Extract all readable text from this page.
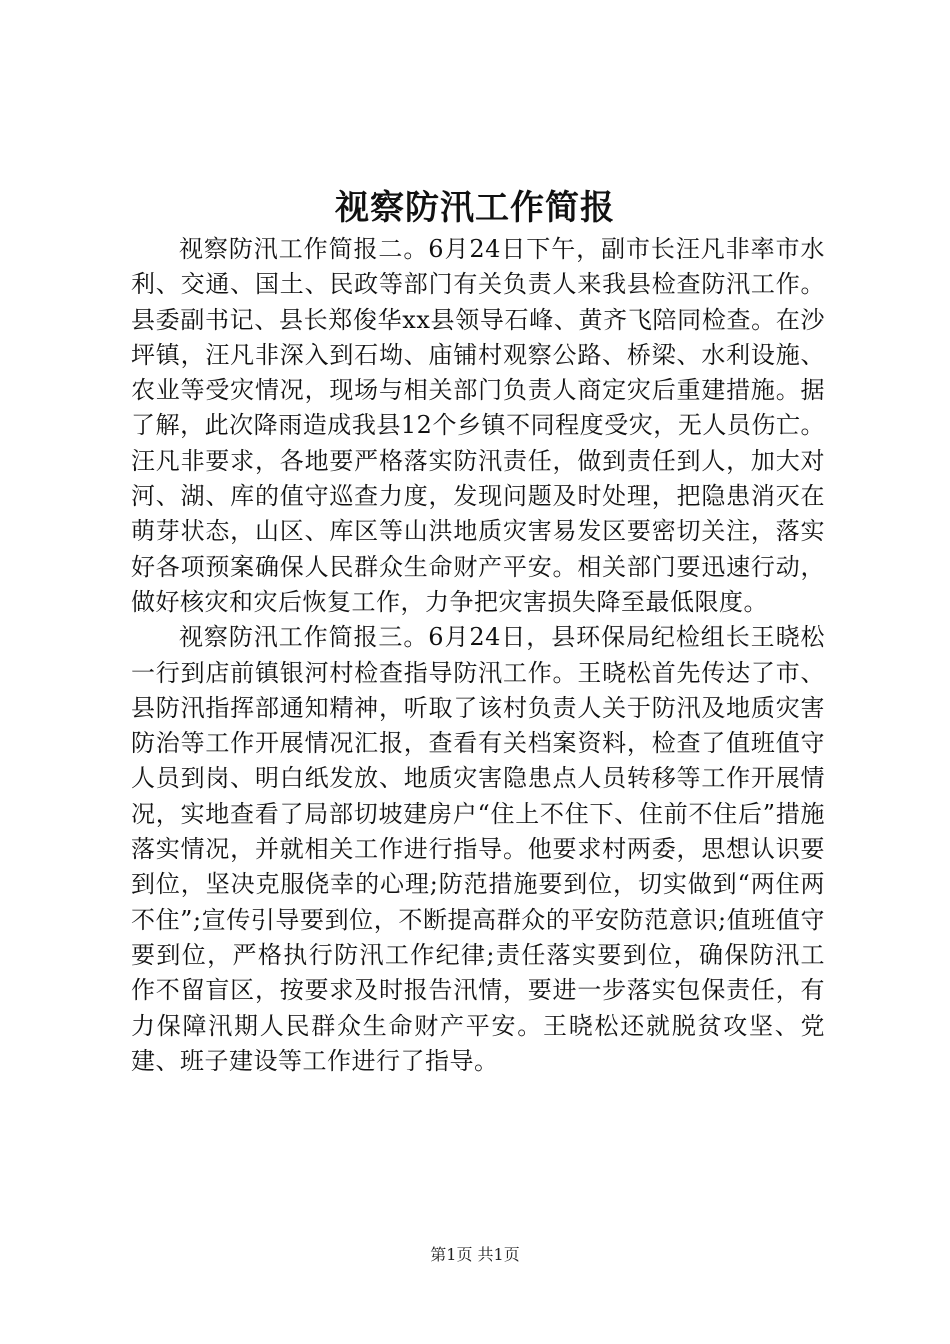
视察防汛工作简报

视察防汛工作简报二。6月24日下午，副市长汪凡非率市水利、交通、国土、民政等部门有关负责人来我县检查防汛工作。县委副书记、县长郑俊华xx县领导石峰、黄齐飞陪同检查。在沙坪镇，汪凡非深入到石坳、庙铺村观察公路、桥梁、水利设施、农业等受灾情况，现场与相关部门负责人商定灾后重建措施。据了解，此次降雨造成我县12个乡镇不同程度受灾，无人员伤亡。汪凡非要求，各地要严格落实防汛责任，做到责任到人，加大对河、湖、库的值守巡查力度，发现问题及时处理，把隐患消灭在萌芽状态，山区、库区等山洪地质灾害易发区要密切关注，落实好各项预案确保人民群众生命财产平安。相关部门要迅速行动，做好核灾和灾后恢复工作，力争把灾害损失降至最低限度。

视察防汛工作简报三。6月24日，县环保局纪检组长王晓松一行到店前镇银河村检查指导防汛工作。王晓松首先传达了市、县防汛指挥部通知精神，听取了该村负责人关于防汛及地质灾害防治等工作开展情况汇报，查看有关档案资料，检查了值班值守人员到岗、明白纸发放、地质灾害隐患点人员转移等工作开展情况，实地查看了局部切坡建房户“住上不住下、住前不住后”措施落实情况，并就相关工作进行指导。他要求村两委，思想认识要到位，坚决克服侥幸的心理;防范措施要到位，切实做到“两住两不住”;宣传引导要到位，不断提高群众的平安防范意识;值班值守要到位，严格执行防汛工作纪律;责任落实要到位，确保防汛工作不留盲区，按要求及时报告汛情，要进一步落实包保责任，有力保障汛期人民群众生命财产平安。王晓松还就脱贫攻坚、党建、班子建设等工作进行了指导。

第1页 共1页
